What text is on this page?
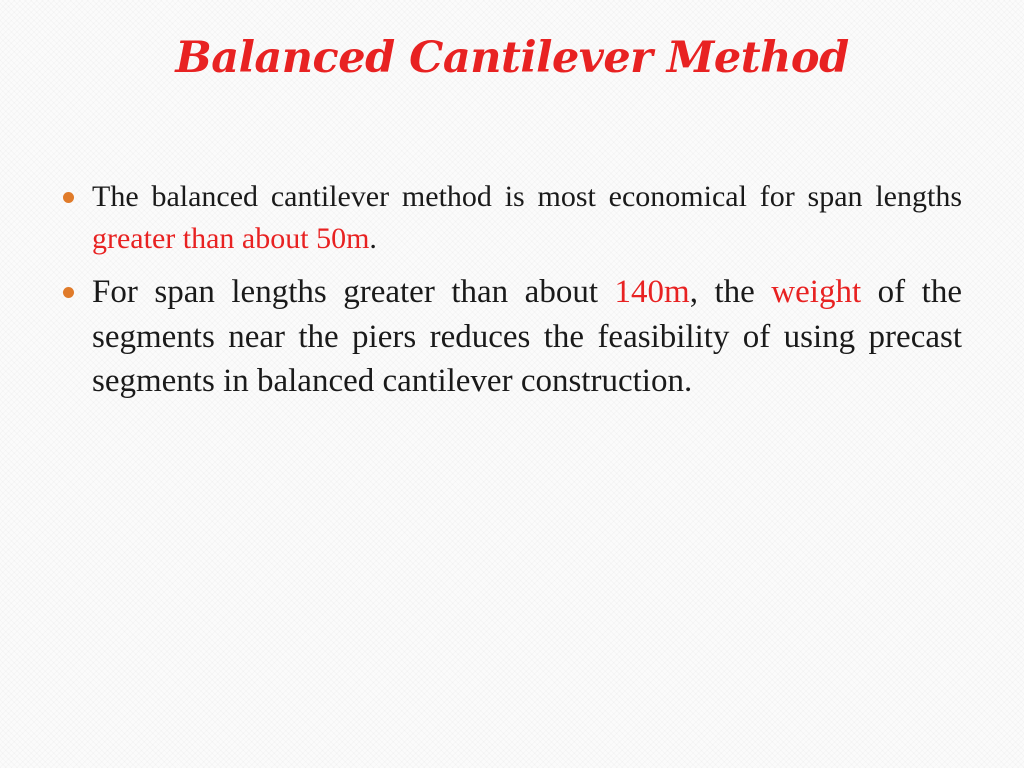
Balanced Cantilever Method
The balanced cantilever method is most economical for span lengths greater than about 50m.
For span lengths greater than about 140m, the weight of the segments near the piers reduces the feasibility of using precast segments in balanced cantilever construction.
